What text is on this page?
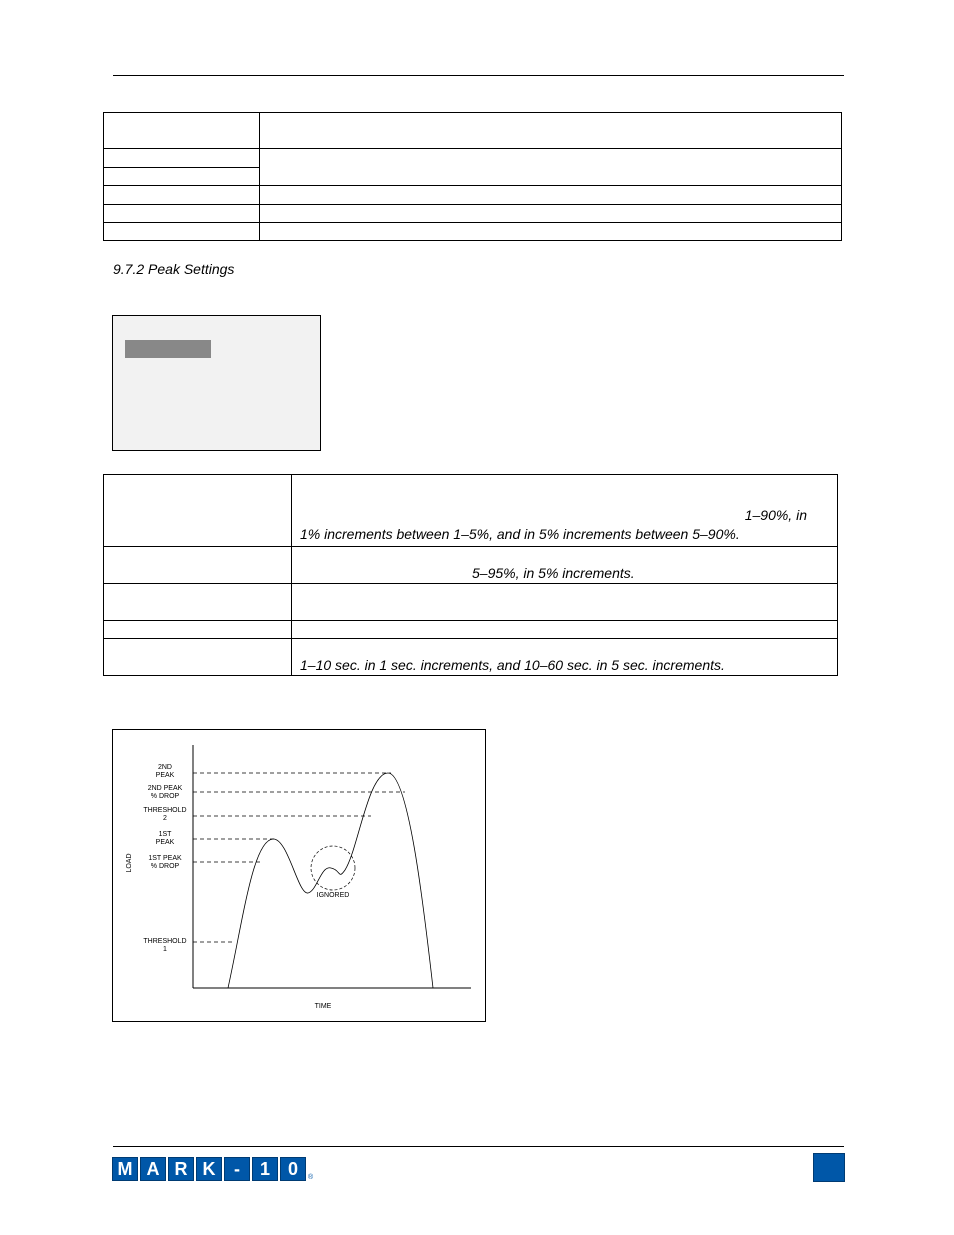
9.7.2 Peak Settings

	1–90%, in
1% increments between 1–5%, and in 5% increments between 5–90%.

	5–95%, in 5% increments.

	1–10 sec. in 1 sec. increments, and 10–60 sec. in 5 sec. increments.
2ND
PEAK
2ND PEAK
% DROP
THRESHOLD
2
1ST
PEAK
1ST PEAK
% DROP
THRESHOLD
1
IGNORED
TIME
LOAD
M A R K - 1 0 ®
